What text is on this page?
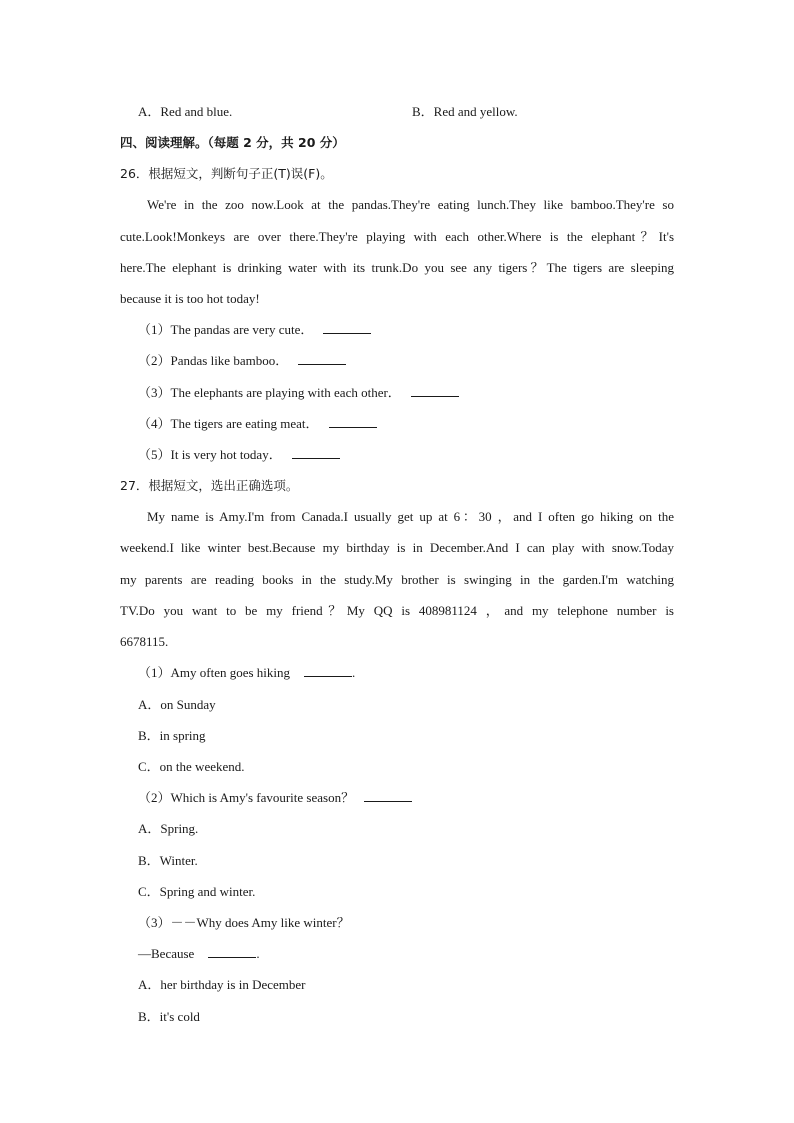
A．Red and blue.	B．Red and yellow.
四、阅读理解。（每题 2 分，共 20 分）
26．根据短文，判断句子正(T)误(F)。
We're in the zoo now.Look at the pandas.They're eating lunch.They like bamboo.They're so
cute.Look!Monkeys are over there.They're playing with each other.Where is the elephant？It's
here.The elephant is drinking water with its trunk.Do you see any tigers？The tigers are sleeping
because it is too hot today!
（1）The pandas are very cute．
（2）Pandas like bamboo．
（3）The elephants are playing with each other．
（4）The tigers are eating meat．
（5）It is very hot today．
27．根据短文，选出正确选项。
My name is Amy.I'm from Canada.I usually get up at 6：30 ，and I often go hiking on the
weekend.I like winter best.Because my birthday is in December.And I can play with snow.Today
my parents are reading books in the study.My brother is swinging in the garden.I'm watching
TV.Do you want to be my friend？My QQ is 408981124 ，and my telephone number is
6678115.
（1）Amy often goes hiking	.
A．on Sunday
B．in spring
C．on the weekend.
（2）Which is Amy's favourite season？
A．Spring.
B．Winter.
C．Spring and winter.
（3）－－Why does Amy like winter？
—Because	.
A．her birthday is in December
B．it's cold
